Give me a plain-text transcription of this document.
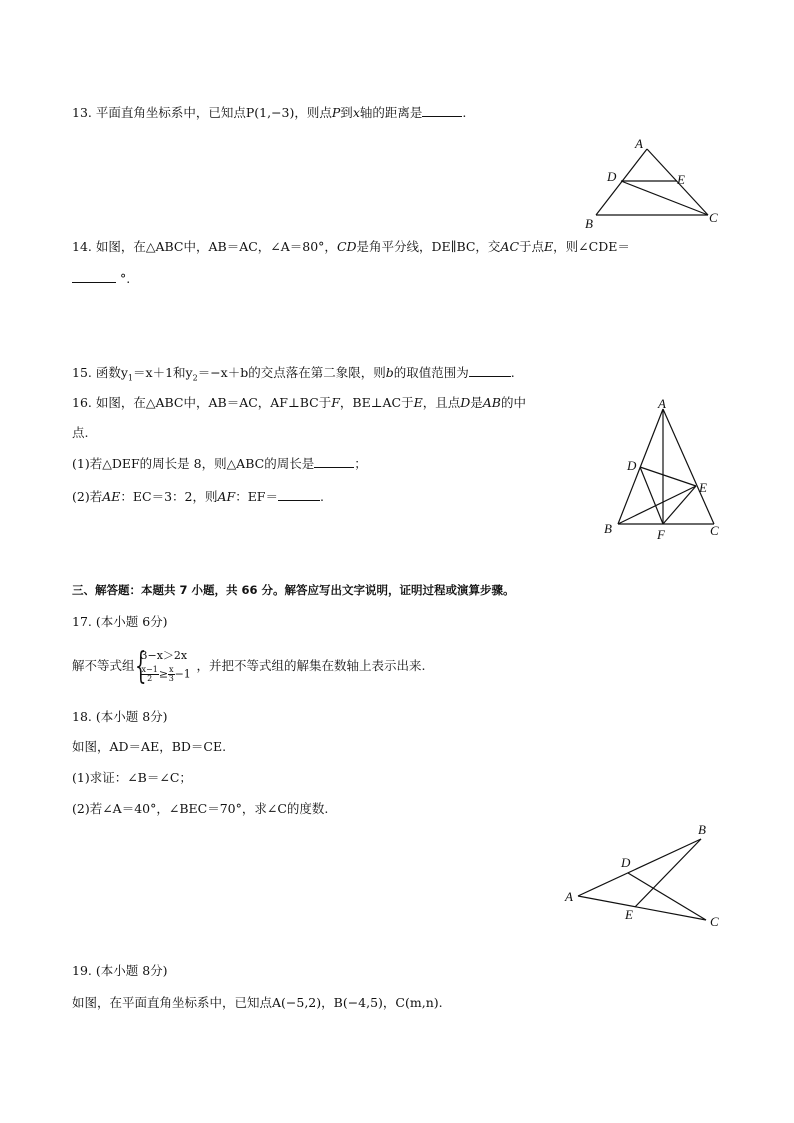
13. 平面直角坐标系中，已知点P(1,−3)，则点P到x轴的距离是	.
A
B	C
D	E
14. 如图，在△ABC中，AB＝AC，∠A＝80°，CD是角平分线，DE∥BC，交AC于点E，则∠CDE＝
°.
15. 函数$y_1=x+1$和$y_2=-x+b$的交点落在第二象限，则b的取值范围为	.
16. 如图，在△ABC中，AB＝AC，AF⊥BC于F，BE⊥AC于E，且点D是AB的中
点.
(1)若△DEF的周长是 8，则△ABC的周长是	；
(2)若AE：EC＝3：2，则AF：EF＝	.
A
B	C
D
E
F
三、解答题：本题共 7 小题，共 66 分。解答应写出文字说明，证明过程或演算步骤。
17. (本小题 6分)
解不等式组 {
3−x＞2x
$\frac{x-1}{2} \ge \frac{x}{3} -1$
，并把不等式组的解集在数轴上表示出来.
18. (本小题 8分)
如图，AD＝AE，BD＝CE.
(1)求证：∠B＝∠C；
(2)若∠A＝40°，∠BEC＝70°，求∠C的度数.
A
B
C
D
E
19. (本小题 8分)
如图，在平面直角坐标系中，已知点A(−5,2)，B(−4,5)，C(m,n).
